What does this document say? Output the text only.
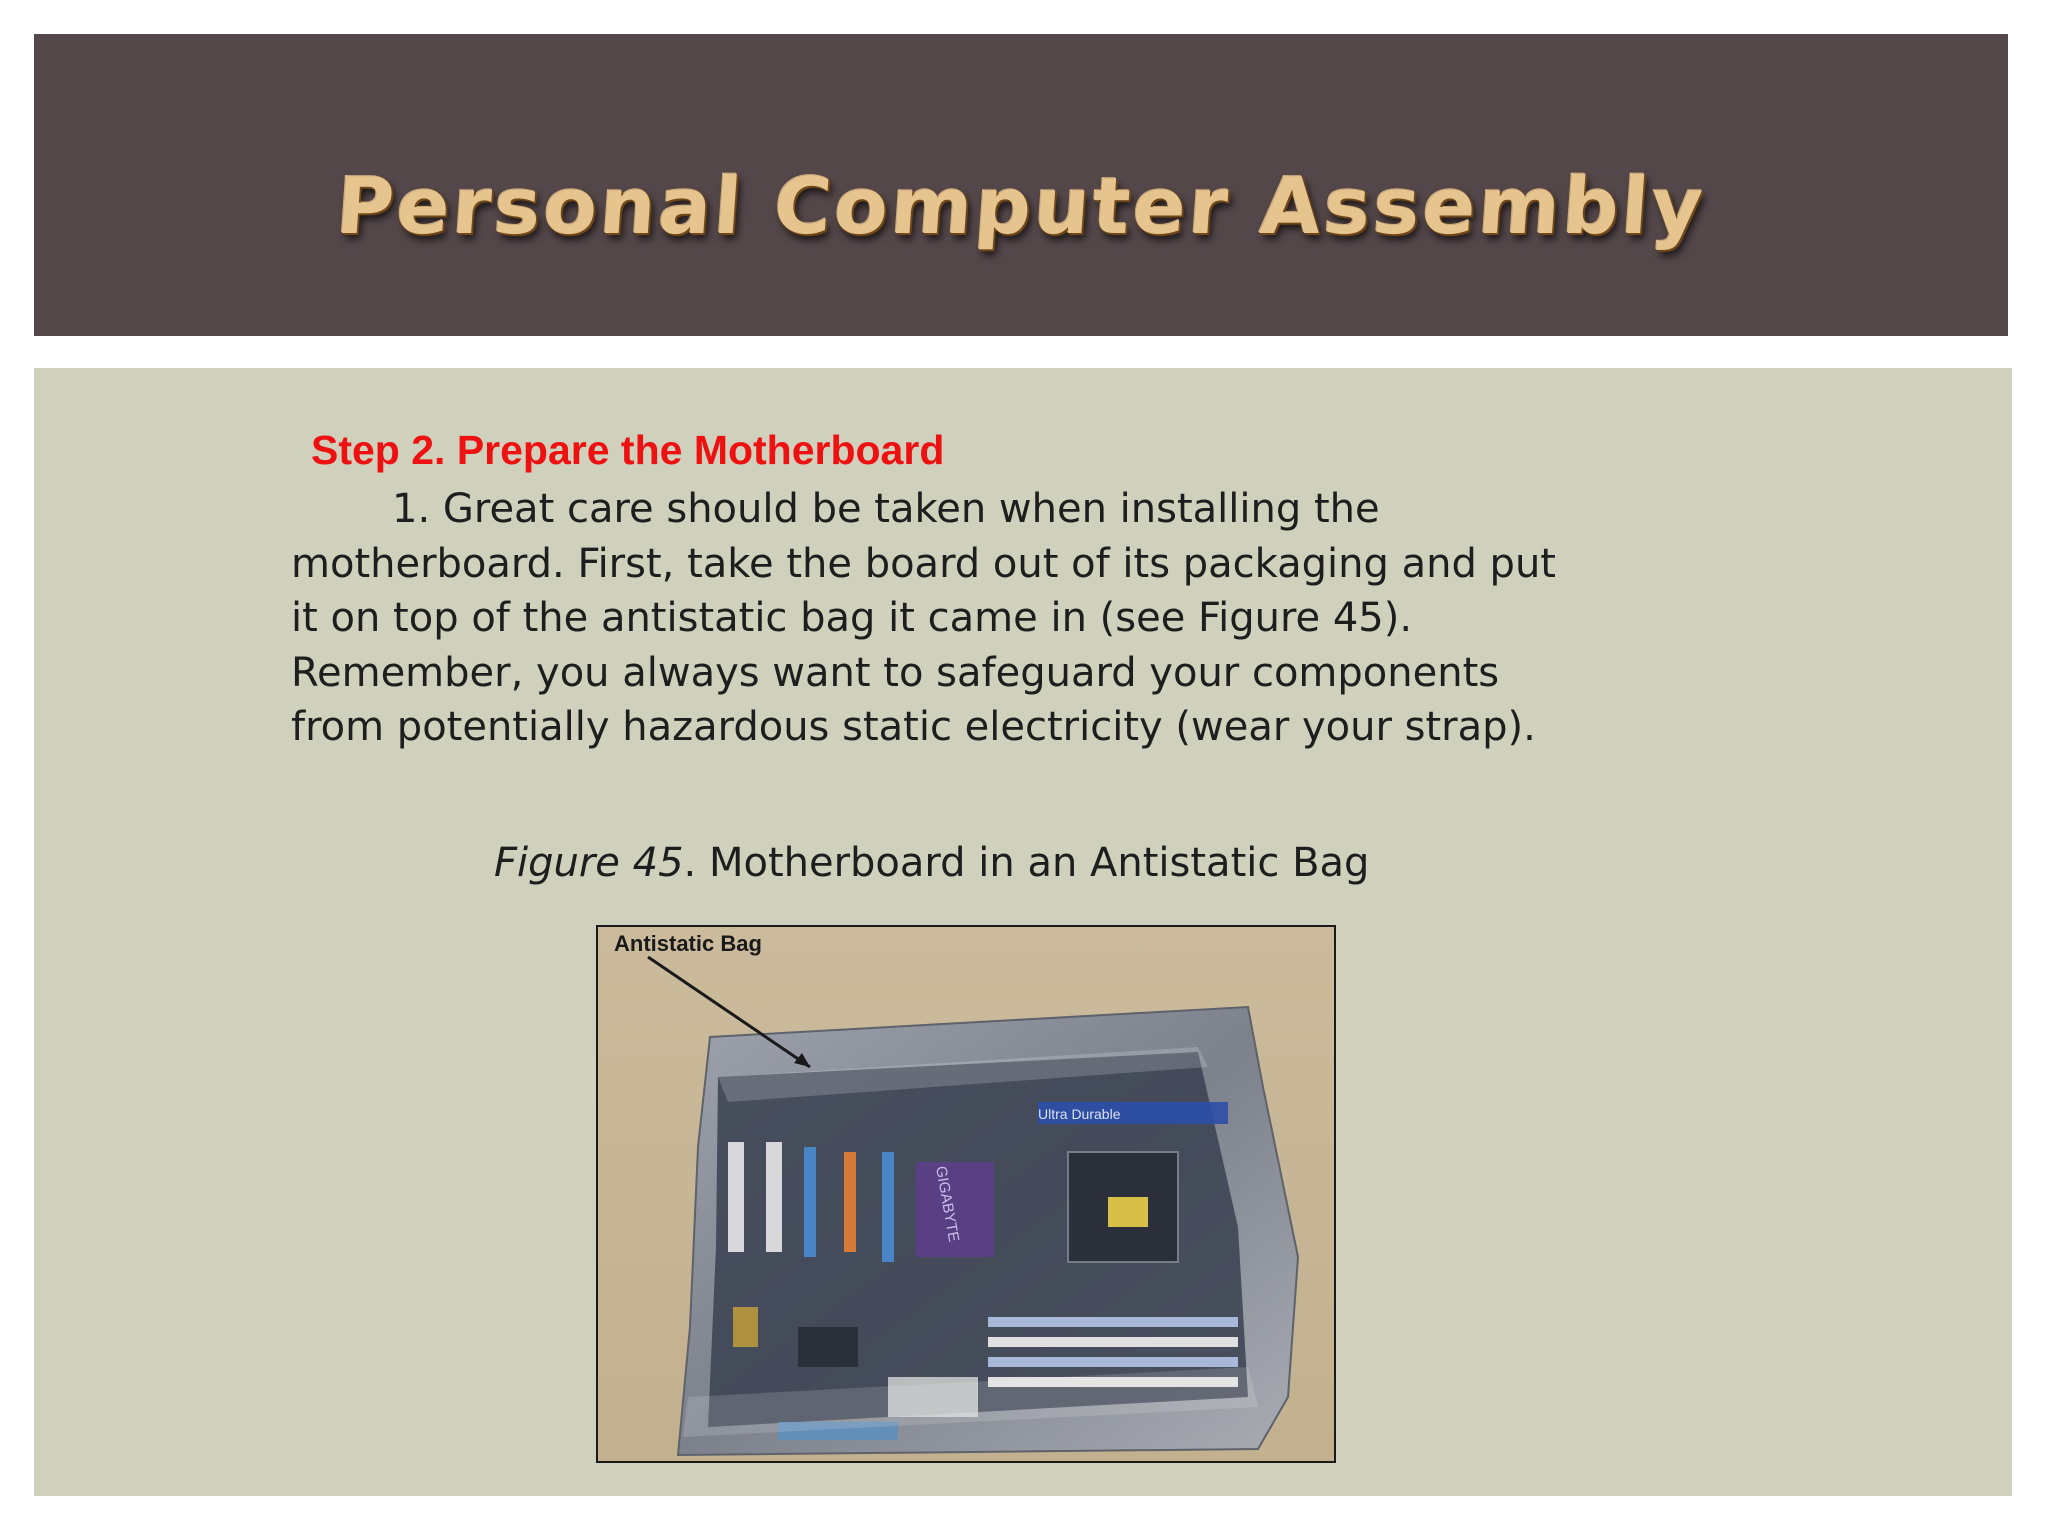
Personal Computer Assembly
Step 2. Prepare the Motherboard
1. Great care should be taken when installing the
motherboard. First, take the board out of its packaging and put
it on top of the antistatic bag it came in (see Figure 45).
Remember, you always want to safeguard your components
from potentially hazardous static electricity (wear your strap).
Figure 45. Motherboard in an Antistatic Bag
Ultra Durable
GIGABYTE
Antistatic Bag
